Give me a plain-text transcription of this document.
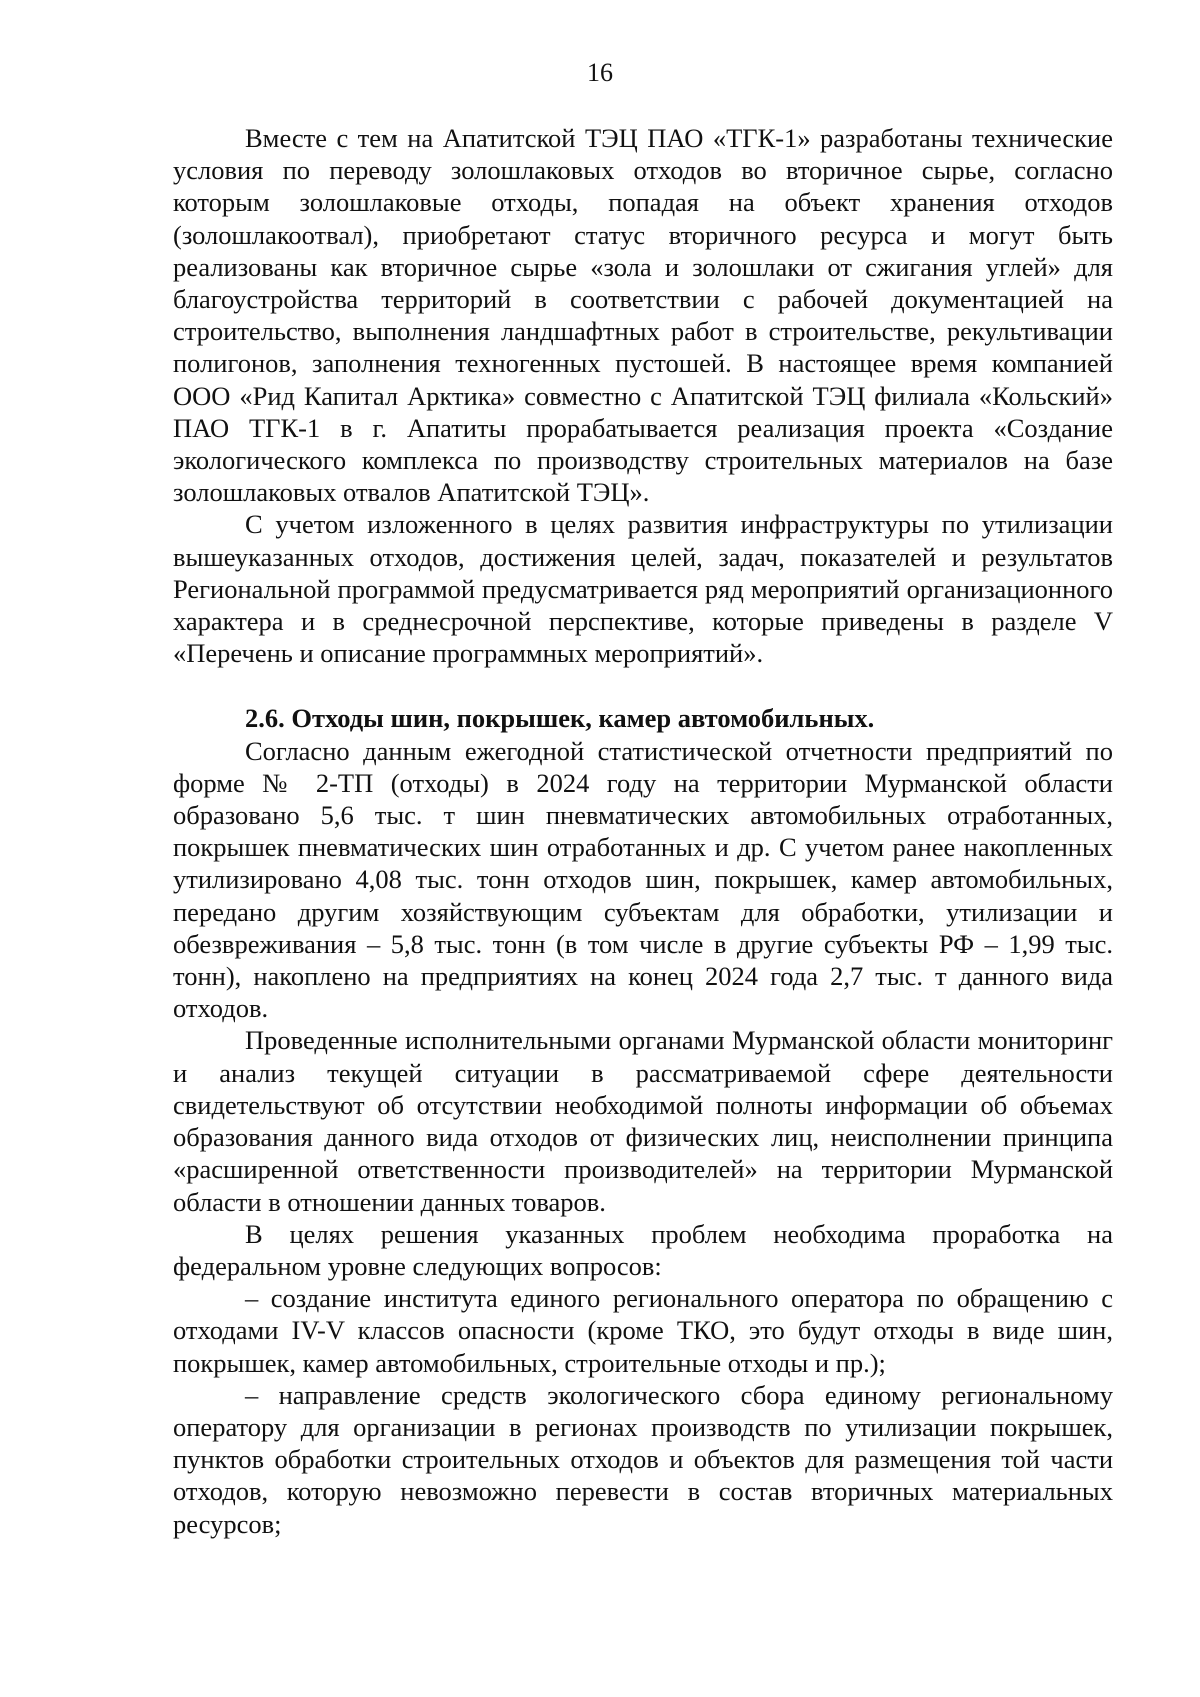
16

Вместе с тем на Апатитской ТЭЦ ПАО «ТГК-1» разработаны технические условия по переводу золошлаковых отходов во вторичное сырье, согласно которым золошлаковые отходы, попадая на объект хранения отходов (золошлакоотвал), приобретают статус вторичного ресурса и могут быть реализованы как вторичное сырье «зола и золошлаки от сжигания углей» для благоустройства территорий в соответствии с рабочей документацией на строительство, выполнения ландшафтных работ в строительстве, рекультивации полигонов, заполнения техногенных пустошей. В настоящее время компанией ООО «Рид Капитал Арктика» совместно с Апатитской ТЭЦ филиала «Кольский» ПАО ТГК-1 в г. Апатиты прорабатывается реализация проекта «Создание экологического комплекса по производству строительных материалов на базе золошлаковых отвалов Апатитской ТЭЦ».

С учетом изложенного в целях развития инфраструктуры по утилизации вышеуказанных отходов, достижения целей, задач, показателей и результатов Региональной программой предусматривается ряд мероприятий организационного характера и в среднесрочной перспективе, которые приведены в разделе V «Перечень и описание программных мероприятий».

2.6. Отходы шин, покрышек, камер автомобильных.

Согласно данным ежегодной статистической отчетности предприятий по форме № 2-ТП (отходы) в 2024 году на территории Мурманской области образовано 5,6 тыс. т шин пневматических автомобильных отработанных, покрышек пневматических шин отработанных и др. С учетом ранее накопленных утилизировано 4,08 тыс. тонн отходов шин, покрышек, камер автомобильных, передано другим хозяйствующим субъектам для обработки, утилизации и обезвреживания – 5,8 тыс. тонн (в том числе в другие субъекты РФ – 1,99 тыс. тонн), накоплено на предприятиях на конец 2024 года 2,7 тыс. т данного вида отходов.

Проведенные исполнительными органами Мурманской области мониторинг и анализ текущей ситуации в рассматриваемой сфере деятельности свидетельствуют об отсутствии необходимой полноты информации об объемах образования данного вида отходов от физических лиц, неисполнении принципа «расширенной ответственности производителей» на территории Мурманской области в отношении данных товаров.

В целях решения указанных проблем необходима проработка на федеральном уровне следующих вопросов:

– создание института единого регионального оператора по обращению с отходами IV-V классов опасности (кроме ТКО, это будут отходы в виде шин, покрышек, камер автомобильных, строительные отходы и пр.);

– направление средств экологического сбора единому региональному оператору для организации в регионах производств по утилизации покрышек, пунктов обработки строительных отходов и объектов для размещения той части отходов, которую невозможно перевести в состав вторичных материальных ресурсов;
